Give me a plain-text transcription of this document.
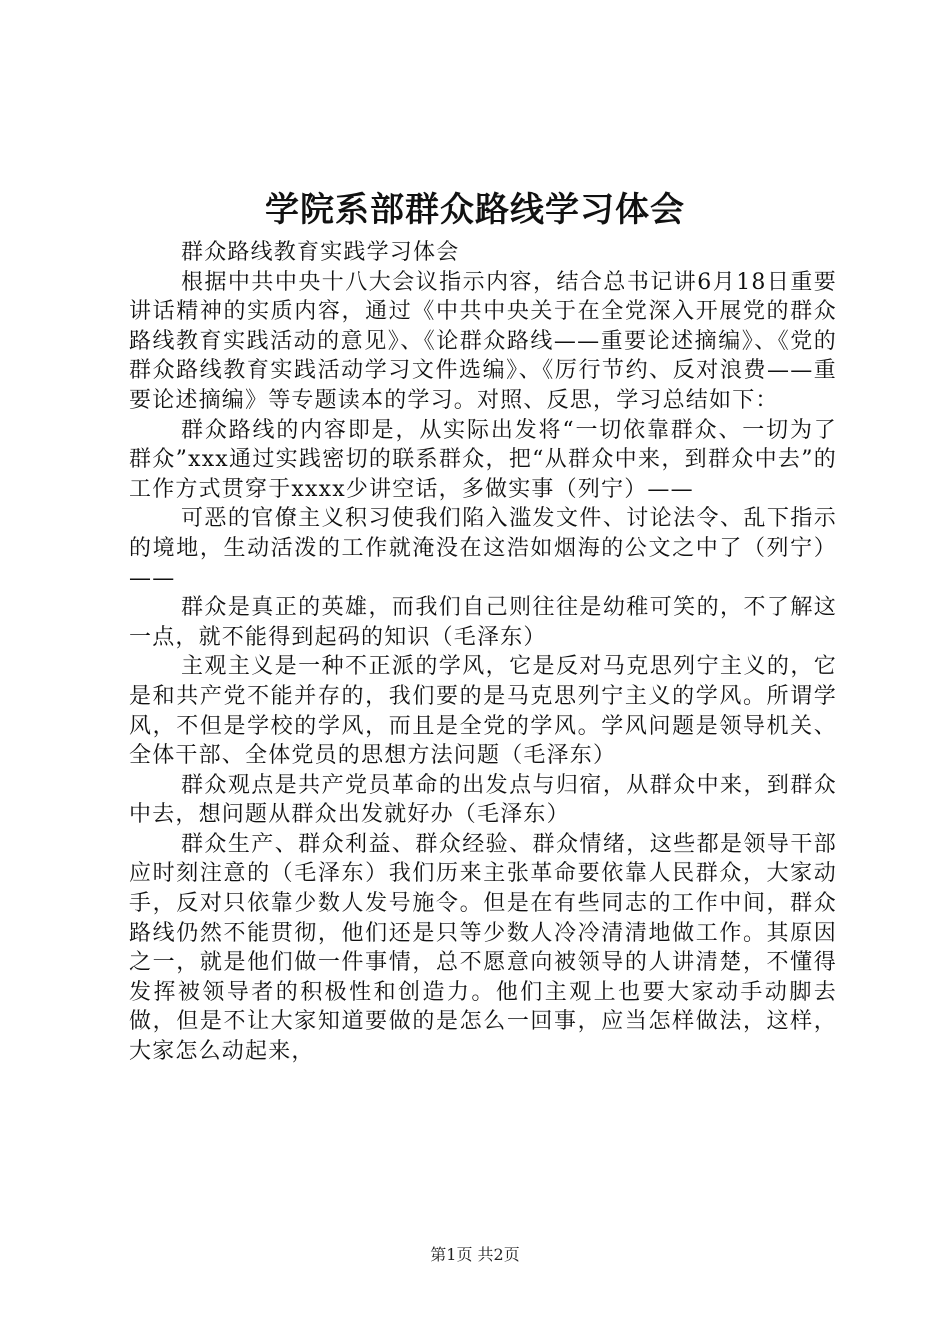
学院系部群众路线学习体会

群众路线教育实践学习体会

根据中共中央十八大会议指示内容，结合总书记讲6月18日重要讲话精神的实质内容，通过《中共中央关于在全党深入开展党的群众路线教育实践活动的意见》、《论群众路线——重要论述摘编》、《党的群众路线教育实践活动学习文件选编》、《厉行节约、反对浪费——重要论述摘编》等专题读本的学习。对照、反思，学习总结如下：

群众路线的内容即是，从实际出发将“一切依靠群众、一切为了群众”xxx通过实践密切的联系群众，把“从群众中来，到群众中去”的工作方式贯穿于xxxx少讲空话，多做实事（列宁）——

可恶的官僚主义积习使我们陷入滥发文件、讨论法令、乱下指示的境地，生动活泼的工作就淹没在这浩如烟海的公文之中了（列宁）——

群众是真正的英雄，而我们自己则往往是幼稚可笑的，不了解这一点，就不能得到起码的知识（毛泽东）

主观主义是一种不正派的学风，它是反对马克思列宁主义的，它是和共产党不能并存的，我们要的是马克思列宁主义的学风。所谓学风，不但是学校的学风，而且是全党的学风。学风问题是领导机关、全体干部、全体党员的思想方法问题（毛泽东）

群众观点是共产党员革命的出发点与归宿，从群众中来，到群众中去，想问题从群众出发就好办（毛泽东）

群众生产、群众利益、群众经验、群众情绪，这些都是领导干部应时刻注意的（毛泽东）我们历来主张革命要依靠人民群众，大家动手，反对只依靠少数人发号施令。但是在有些同志的工作中间，群众路线仍然不能贯彻，他们还是只等少数人冷冷清清地做工作。其原因之一，就是他们做一件事情，总不愿意向被领导的人讲清楚，不懂得发挥被领导者的积极性和创造力。他们主观上也要大家动手动脚去做，但是不让大家知道要做的是怎么一回事，应当怎样做法，这样，大家怎么动起来，

第1页 共2页
